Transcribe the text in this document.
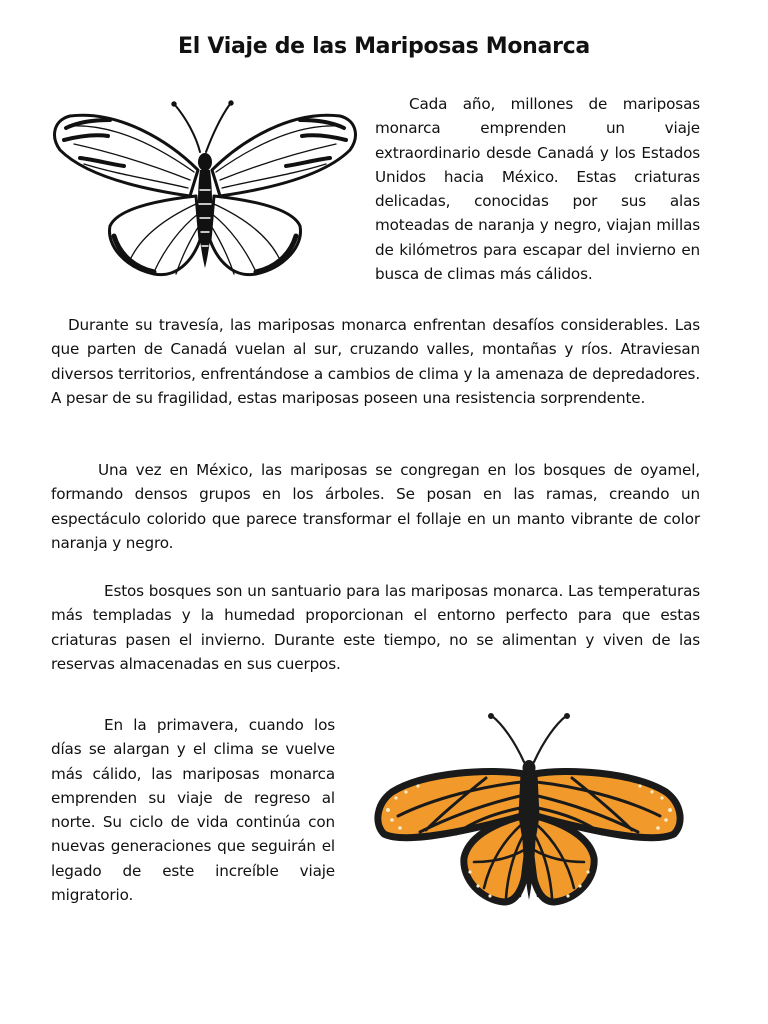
El Viaje de las Mariposas Monarca

Cada año, millones de mariposas monarca emprenden un viaje extraordinario desde Canadá y los Estados Unidos hacia México. Estas criaturas delicadas, conocidas por sus alas moteadas de naranja y negro, viajan millas de kilómetros para escapar del invierno en busca de climas más cálidos.

Durante su travesía, las mariposas monarca enfrentan desafíos considerables. Las que parten de Canadá vuelan al sur, cruzando valles, montañas y ríos. Atraviesan diversos territorios, enfrentándose a cambios de clima y la amenaza de depredadores. A pesar de su fragilidad, estas mariposas poseen una resistencia sorprendente.

Una vez en México, las mariposas se congregan en los bosques de oyamel, formando densos grupos en los árboles. Se posan en las ramas, creando un espectáculo colorido que parece transformar el follaje en un manto vibrante de color naranja y negro.

Estos bosques son un santuario para las mariposas monarca. Las temperaturas más templadas y la humedad proporcionan el entorno perfecto para que estas criaturas pasen el invierno. Durante este tiempo, no se alimentan y viven de las reservas almacenadas en sus cuerpos.

En la primavera, cuando los días se alargan y el clima se vuelve más cálido, las mariposas monarca emprenden su viaje de regreso al norte. Su ciclo de vida continúa con nuevas generaciones que seguirán el legado de este increíble viaje migratorio.
